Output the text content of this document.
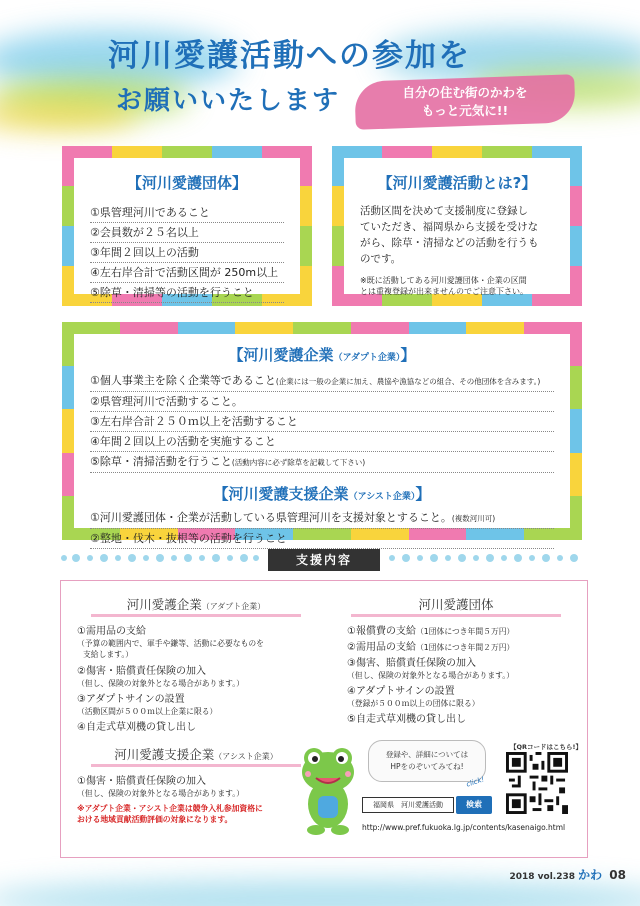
河川愛護活動への参加を
お願いいたします	自分の住む街のかわを
もっと元気に!!
【河川愛護団体】
①県管理河川であること
②会員数が２５名以上
③年間２回以上の活動
④左右岸合計で活動区間が 250m以上
⑤除草・清掃等の活動を行うこと
【河川愛護活動とは?】
活動区間を決めて支援制度に登録し
ていただき、福岡県から支援を受けな
がら、除草・清掃などの活動を行うも
のです。
※既に活動してある河川愛護団体・企業の区間
とは重複登録が出来ませんのでご注意下さい。
【河川愛護企業（アダプト企業）】
①個人事業主を除く企業等であること(企業には一般の企業に加え、農協や漁協などの組合、その他団体を含みます。)
②県管理河川で活動すること。
③左右岸合計２５０ｍ以上を活動すること
④年間２回以上の活動を実施すること
⑤除草・清掃活動を行うこと(活動内容に必ず除草を記載して下さい)
【河川愛護支援企業（アシスト企業）】
①河川愛護団体・企業が活動している県管理河川を支援対象とすること。(複数河川可)
②整地・伐木・抜根等の活動を行うこと
支援内容
河川愛護企業（アダプト企業）
①需用品の支給
（予算の範囲内で、軍手や鎌等、活動に必要なものを
支給します。）
②傷害・賠償責任保険の加入
（但し、保険の対象外となる場合があります。）
③アダプトサインの設置
（活動区間が５００ｍ以上企業に限る）
④自走式草刈機の貸し出し
河川愛護支援企業（アシスト企業）
①傷害・賠償責任保険の加入
（但し、保険の対象外となる場合があります。）
※アダプト企業・アシスト企業は競争入札参加資格に
おける地域貢献活動評価の対象になります。
河川愛護団体
①報償費の支給（1団体につき年間５万円）
②需用品の支給（1団体につき年間２万円）
③傷害、賠償責任保険の加入
（但し、保険の対象外となる場合があります。）
④アダプトサインの設置
（登録が５００ｍ以上の団体に限る）
⑤自走式草刈機の貸し出し
登録や、詳細については
HPをのぞいてみてね!
【QRコードはこちら!】
click!
福岡県　河川愛護活動	検索
http://www.pref.fukuoka.lg.jp/contents/kasenaigo.html
2018 vol.238 かわ 08
